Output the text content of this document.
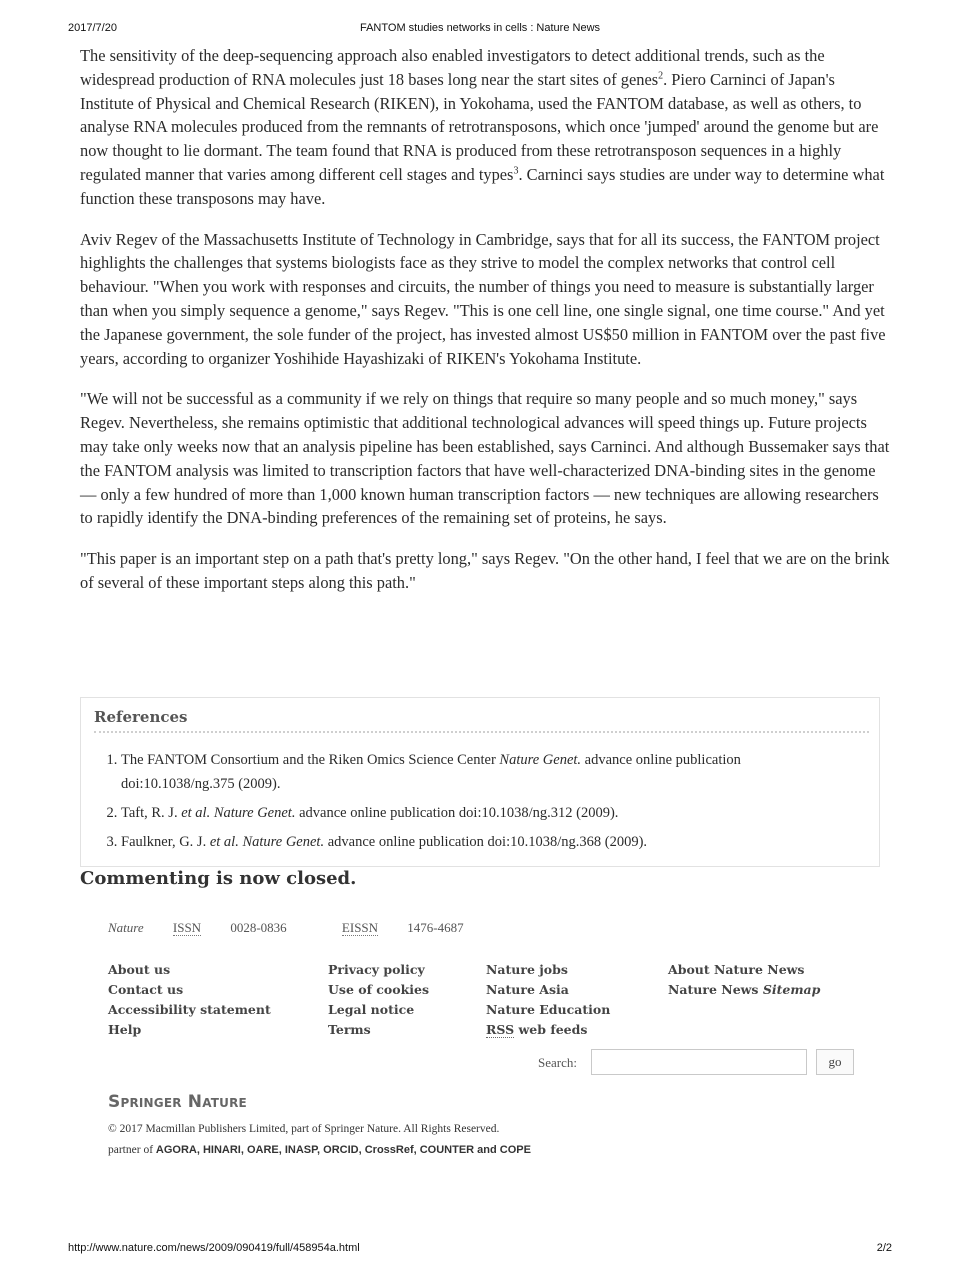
2017/7/20	FANTOM studies networks in cells : Nature News

The sensitivity of the deep-sequencing approach also enabled investigators to detect additional trends, such as the widespread production of RNA molecules just 18 bases long near the start sites of genes$^2$. Piero Carninci of Japan's Institute of Physical and Chemical Research (RIKEN), in Yokohama, used the FANTOM database, as well as others, to analyse RNA molecules produced from the remnants of retrotransposons, which once 'jumped' around the genome but are now thought to lie dormant. The team found that RNA is produced from these retrotransposon sequences in a highly regulated manner that varies among different cell stages and types$^3$. Carninci says studies are under way to determine what function these transposons may have.

Aviv Regev of the Massachusetts Institute of Technology in Cambridge, says that for all its success, the FANTOM project highlights the challenges that systems biologists face as they strive to model the complex networks that control cell behaviour. "When you work with responses and circuits, the number of things you need to measure is substantially larger than when you simply sequence a genome," says Regev. "This is one cell line, one single signal, one time course." And yet the Japanese government, the sole funder of the project, has invested almost US$50 million in FANTOM over the past five years, according to organizer Yoshihide Hayashizaki of RIKEN's Yokohama Institute.

"We will not be successful as a community if we rely on things that require so many people and so much money," says Regev. Nevertheless, she remains optimistic that additional technological advances will speed things up. Future projects may take only weeks now that an analysis pipeline has been established, says Carninci. And although Bussemaker says that the FANTOM analysis was limited to transcription factors that have well-characterized DNA-binding sites in the genome — only a few hundred of more than 1,000 known human transcription factors — new techniques are allowing researchers to rapidly identify the DNA-binding preferences of the remaining set of proteins, he says.

"This paper is an important step on a path that's pretty long," says Regev. "On the other hand, I feel that we are on the brink of several of these important steps along this path."

References
1. The FANTOM Consortium and the Riken Omics Science Center Nature Genet. advance online publication doi:10.1038/ng.375 (2009).
2. Taft, R. J. et al. Nature Genet. advance online publication doi:10.1038/ng.312 (2009).
3. Faulkner, G. J. et al. Nature Genet. advance online publication doi:10.1038/ng.368 (2009).
Commenting is now closed.
Nature ISSN 0028-0836	EISSN 1476-4687
About us
Contact us
Accessibility statement
Help
Privacy policy
Use of cookies
Legal notice
Terms
Nature jobs
Nature Asia
Nature Education
RSS web feeds
About Nature News
Nature News Sitemap
Search:	go
Springer Nature
© 2017 Macmillan Publishers Limited, part of Springer Nature. All Rights Reserved.
partner of AGORA, HINARI, OARE, INASP, ORCID, CrossRef, COUNTER and COPE
http://www.nature.com/news/2009/090419/full/458954a.html	2/2
